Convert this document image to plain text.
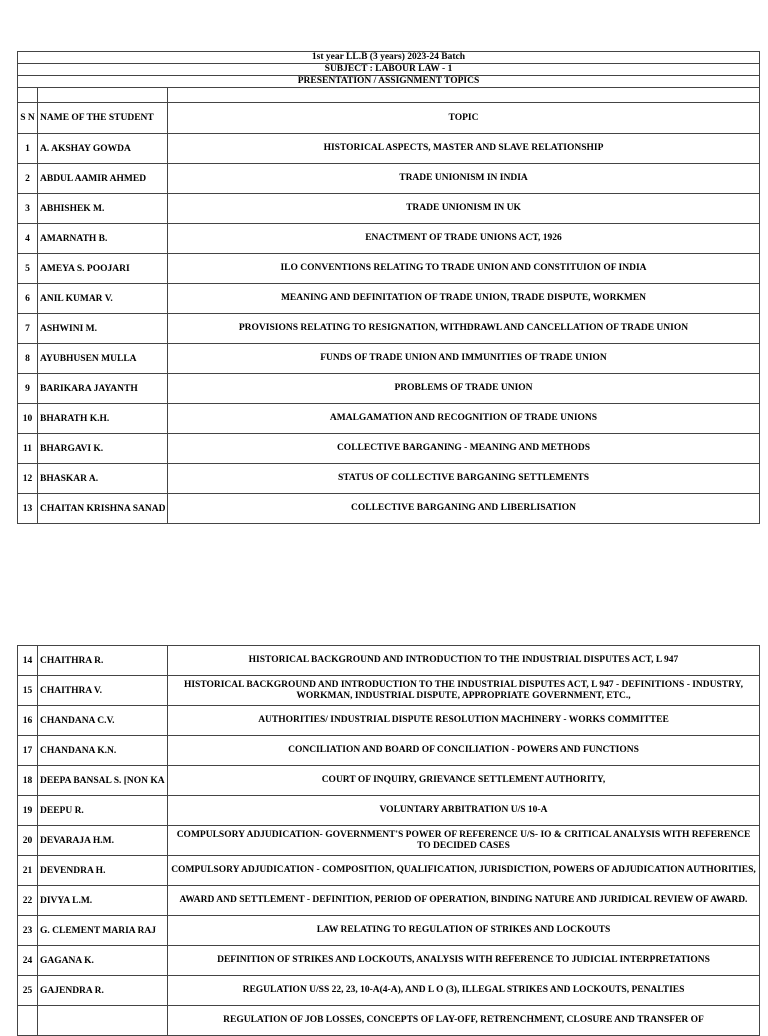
1st year LL.B (3 years) 2023-24 Batch		
SUBJECT : LABOUR LAW - 1		
PRESENTATION / ASSIGNMENT TOPICS		

S N	NAME OF THE STUDENT	TOPIC
1	A. AKSHAY GOWDA	HISTORICAL ASPECTS, MASTER AND SLAVE RELATIONSHIP
2	ABDUL AAMIR AHMED	TRADE UNIONISM IN INDIA
3	ABHISHEK M.	TRADE UNIONISM IN UK
4	AMARNATH B.	ENACTMENT OF TRADE UNIONS ACT, 1926
5	AMEYA S. POOJARI	ILO CONVENTIONS RELATING TO TRADE UNION AND CONSTITUION OF INDIA
6	ANIL KUMAR V.	MEANING AND DEFINITATION OF TRADE UNION, TRADE DISPUTE, WORKMEN
7	ASHWINI M.	PROVISIONS RELATING TO RESIGNATION, WITHDRAWL AND CANCELLATION OF TRADE UNION
8	AYUBHUSEN MULLA	FUNDS OF TRADE UNION AND IMMUNITIES OF TRADE UNION
9	BARIKARA JAYANTH	PROBLEMS OF TRADE UNION
10	BHARATH K.H.	AMALGAMATION AND RECOGNITION OF TRADE UNIONS
11	BHARGAVI K.	COLLECTIVE BARGANING - MEANING AND METHODS
12	BHASKAR A.	STATUS OF COLLECTIVE BARGANING SETTLEMENTS
13	CHAITAN KRISHNA SANAD	COLLECTIVE BARGANING AND LIBERLISATION
14	CHAITHRA R.	HISTORICAL BACKGROUND AND INTRODUCTION TO THE INDUSTRIAL DISPUTES ACT, L 947
15	CHAITHRA V.	HISTORICAL BACKGROUND AND INTRODUCTION TO THE INDUSTRIAL DISPUTES ACT, L 947 - DEFINITIONS - INDUSTRY, WORKMAN, INDUSTRIAL DISPUTE, APPROPRIATE GOVERNMENT, ETC.,
16	CHANDANA C.V.	AUTHORITIES/ INDUSTRIAL DISPUTE RESOLUTION MACHINERY - WORKS COMMITTEE
17	CHANDANA K.N.	CONCILIATION AND BOARD OF CONCILIATION - POWERS AND FUNCTIONS
18	DEEPA BANSAL S. [NON KA	COURT OF INQUIRY, GRIEVANCE SETTLEMENT AUTHORITY,
19	DEEPU R.	VOLUNTARY ARBITRATION U/S 10-A
20	DEVARAJA H.M.	COMPULSORY ADJUDICATION- GOVERNMENT'S POWER OF REFERENCE U/S- IO & CRITICAL ANALYSIS WITH REFERENCE TO DECIDED CASES
21	DEVENDRA H.	COMPULSORY ADJUDICATION - COMPOSITION, QUALIFICATION, JURISDICTION, POWERS OF ADJUDICATION AUTHORITIES,
22	DIVYA L.M.	AWARD AND SETTLEMENT - DEFINITION, PERIOD OF OPERATION, BINDING NATURE AND JURIDICAL REVIEW OF AWARD.
23	G. CLEMENT MARIA RAJ	LAW RELATING TO REGULATION OF STRIKES AND LOCKOUTS
24	GAGANA K.	DEFINITION OF STRIKES AND LOCKOUTS, ANALYSIS WITH REFERENCE TO JUDICIAL INTERPRETATIONS
25	GAJENDRA R.	REGULATION U/SS 22, 23, 10-A(4-A), AND L O (3), ILLEGAL STRIKES AND LOCKOUTS, PENALTIES
		REGULATION OF JOB LOSSES, CONCEPTS OF LAY-OFF, RETRENCHMENT, CLOSURE AND TRANSFER OF
